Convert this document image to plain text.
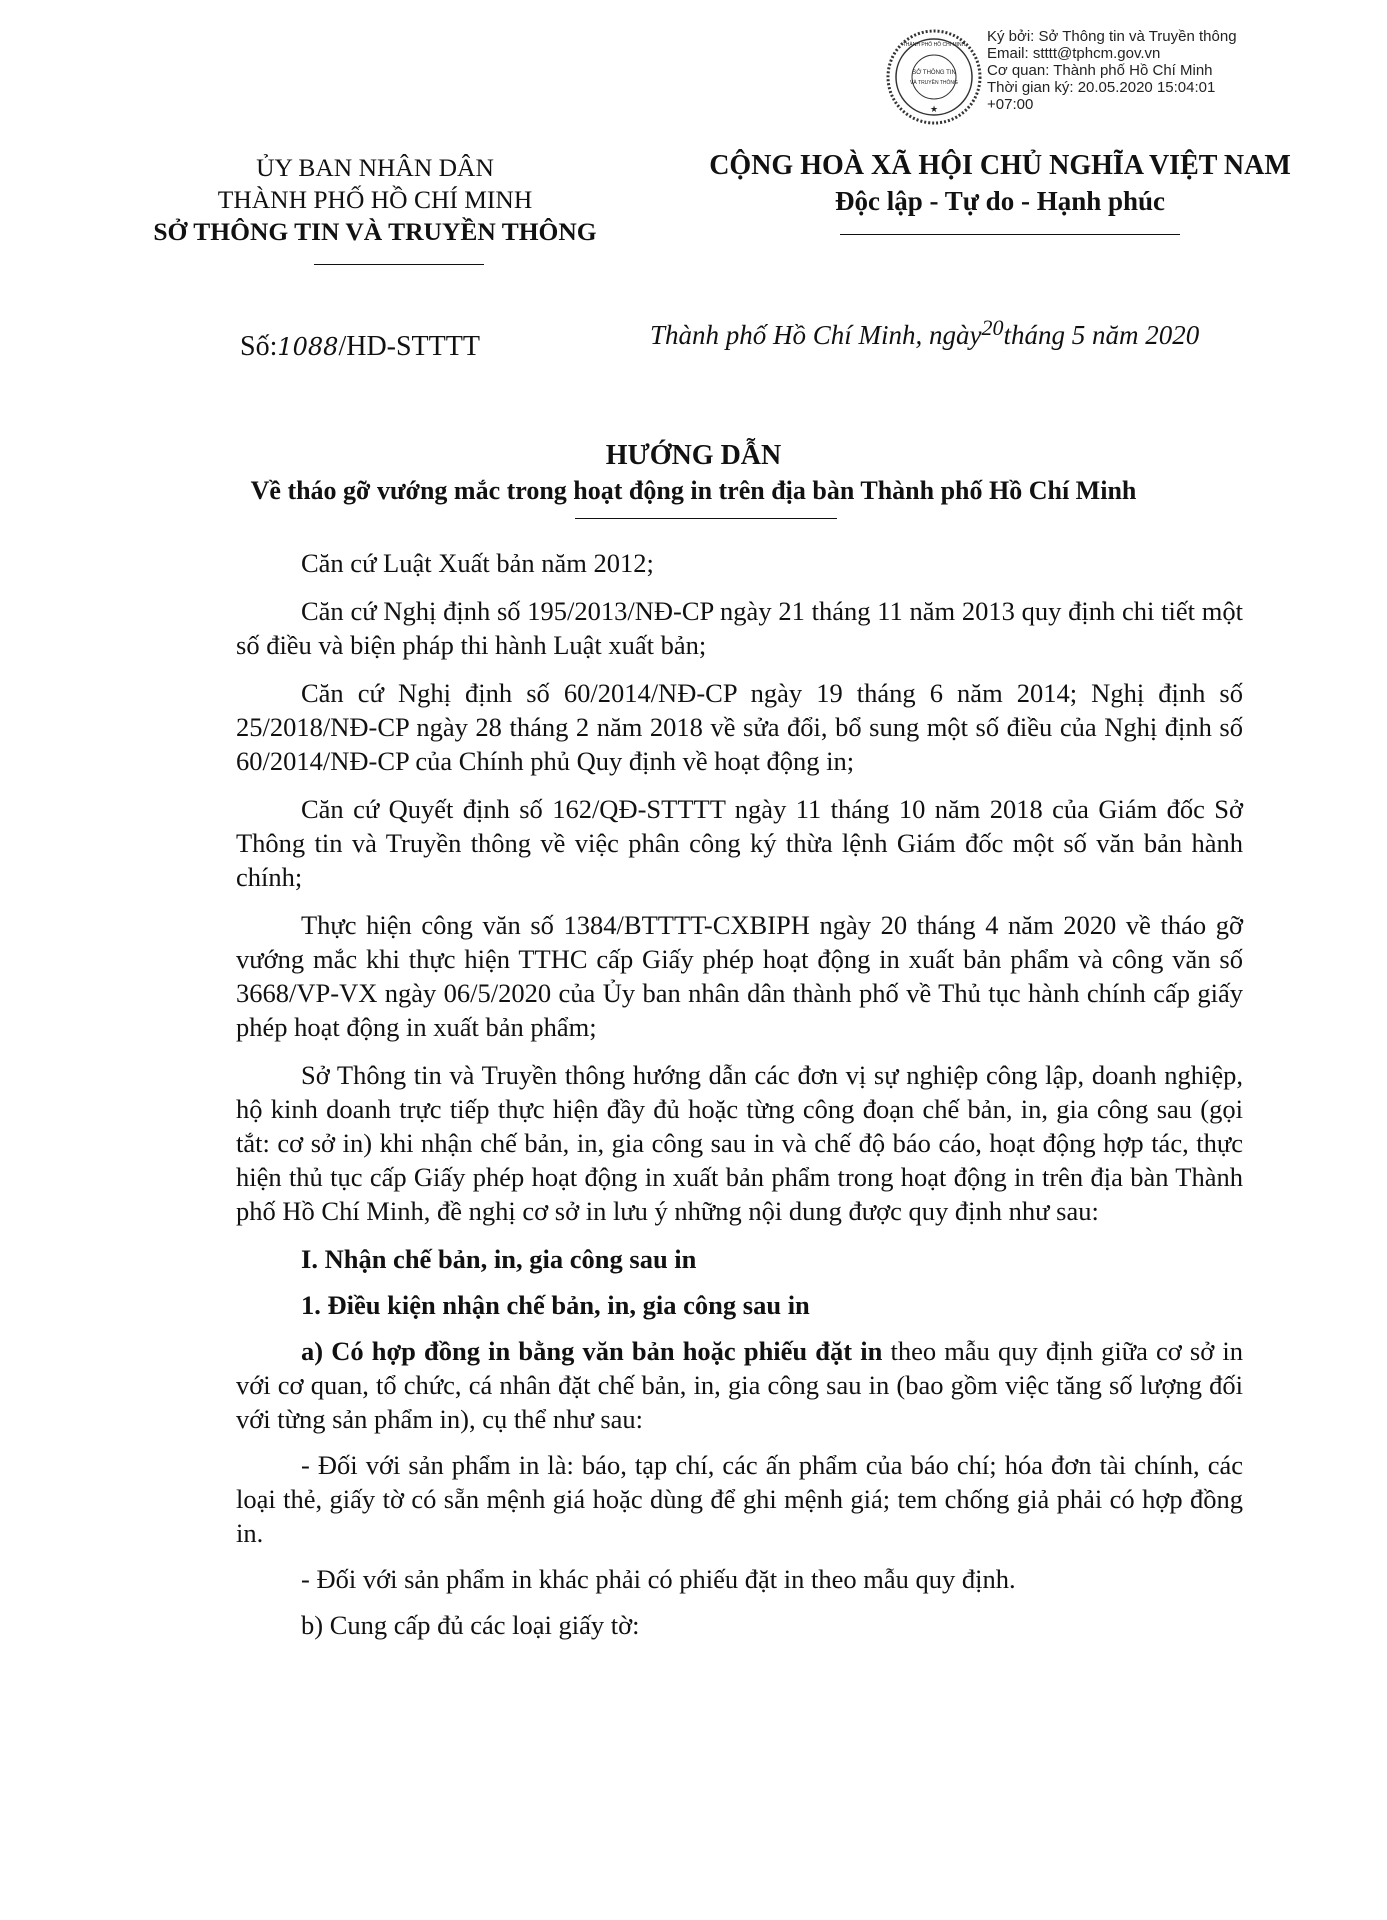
SỞ THÔNG TIN
VÀ TRUYỀN THÔNG
THÀNH PHỐ HỒ CHÍ MINH
★
Ký bởi: Sở Thông tin và Truyền thông
Email: stttt@tphcm.gov.vn
Cơ quan: Thành phố Hồ Chí Minh
Thời gian ký: 20.05.2020 15:04:01
+07:00
ỦY BAN NHÂN DÂN
THÀNH PHỐ HỒ CHÍ MINH
SỞ THÔNG TIN VÀ TRUYỀN THÔNG
CỘNG HOÀ XÃ HỘI CHỦ NGHĨA VIỆT NAM
Độc lập - Tự do - Hạnh phúc
Số:1088/HD-STTTT	Thành phố Hồ Chí Minh, ngày$^{20}$tháng 5 năm 2020
HƯỚNG DẪN
Về tháo gỡ vướng mắc trong hoạt động in trên địa bàn Thành phố Hồ Chí Minh

Căn cứ Luật Xuất bản năm 2012;

Căn cứ Nghị định số 195/2013/NĐ-CP ngày 21 tháng 11 năm 2013 quy định chi tiết một số điều và biện pháp thi hành Luật xuất bản;

Căn cứ Nghị định số 60/2014/NĐ-CP ngày 19 tháng 6 năm 2014; Nghị định số 25/2018/NĐ-CP ngày 28 tháng 2 năm 2018 về sửa đổi, bổ sung một số điều của Nghị định số 60/2014/NĐ-CP của Chính phủ Quy định về hoạt động in;

Căn cứ Quyết định số 162/QĐ-STTTT ngày 11 tháng 10 năm 2018 của Giám đốc Sở Thông tin và Truyền thông về việc phân công ký thừa lệnh Giám đốc một số văn bản hành chính;

Thực hiện công văn số 1384/BTTTT-CXBIPH ngày 20 tháng 4 năm 2020 về tháo gỡ vướng mắc khi thực hiện TTHC cấp Giấy phép hoạt động in xuất bản phẩm và công văn số 3668/VP-VX ngày 06/5/2020 của Ủy ban nhân dân thành phố về Thủ tục hành chính cấp giấy phép hoạt động in xuất bản phẩm;

Sở Thông tin và Truyền thông hướng dẫn các đơn vị sự nghiệp công lập, doanh nghiệp, hộ kinh doanh trực tiếp thực hiện đầy đủ hoặc từng công đoạn chế bản, in, gia công sau (gọi tắt: cơ sở in) khi nhận chế bản, in, gia công sau in và chế độ báo cáo, hoạt động hợp tác, thực hiện thủ tục cấp Giấy phép hoạt động in xuất bản phẩm trong hoạt động in trên địa bàn Thành phố Hồ Chí Minh, đề nghị cơ sở in lưu ý những nội dung được quy định như sau:

I. Nhận chế bản, in, gia công sau in

1. Điều kiện nhận chế bản, in, gia công sau in

a) Có hợp đồng in bằng văn bản hoặc phiếu đặt in theo mẫu quy định giữa cơ sở in với cơ quan, tổ chức, cá nhân đặt chế bản, in, gia công sau in (bao gồm việc tăng số lượng đối với từng sản phẩm in), cụ thể như sau:

- Đối với sản phẩm in là: báo, tạp chí, các ấn phẩm của báo chí; hóa đơn tài chính, các loại thẻ, giấy tờ có sẵn mệnh giá hoặc dùng để ghi mệnh giá; tem chống giả phải có hợp đồng in.

- Đối với sản phẩm in khác phải có phiếu đặt in theo mẫu quy định.

b) Cung cấp đủ các loại giấy tờ:
